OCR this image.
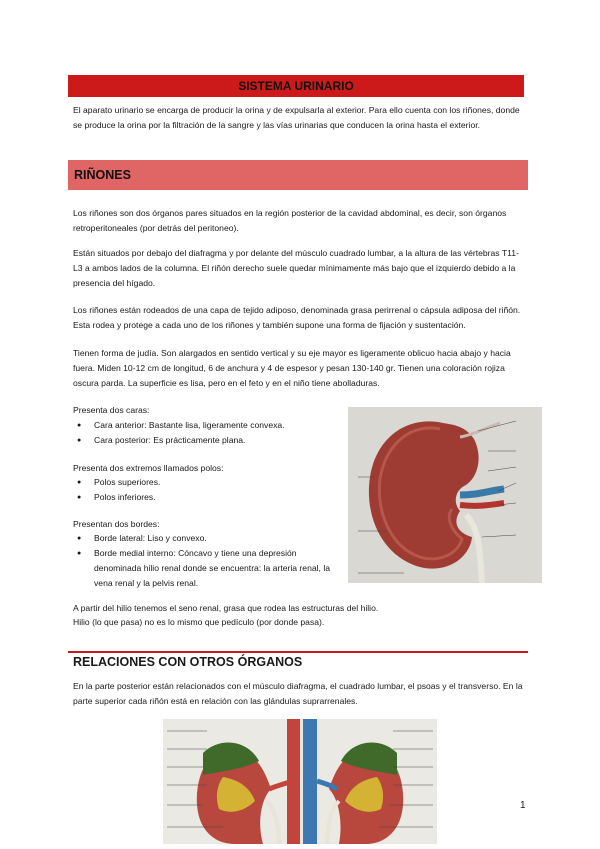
SISTEMA URINARIO

El aparato urinario se encarga de producir la orina y de expulsarla al exterior. Para ello cuenta con los riñones, donde se produce la orina por la filtración de la sangre y las vías urinarias que conducen la orina hasta el exterior.

RIÑONES

Los riñones son dos órganos pares situados en la región posterior de la cavidad abdominal, es decir, son órganos retroperitoneales (por detrás del peritoneo).

Están situados por debajo del diafragma y por delante del músculo cuadrado lumbar, a la altura de las vértebras T11- L3 a ambos lados de la columna. El riñón derecho suele quedar mínimamente más bajo que el izquierdo debido a la presencia del hígado.

Los riñones están rodeados de una capa de tejido adiposo, denominada grasa perirrenal o cápsula adiposa del riñón. Esta rodea y protege a cada uno de los riñones y también supone una forma de fijación y sustentación.

Tienen forma de judía. Son alargados en sentido vertical y su eje mayor es ligeramente oblicuo hacia abajo y hacia fuera. Miden 10-12 cm de longitud, 6 de anchura y 4 de espesor y pesan 130-140 gr. Tienen una coloración rojiza oscura parda. La superficie es lisa, pero en el feto y en el niño tiene abolladuras.

Presenta dos caras:

● Cara anterior: Bastante lisa, ligeramente convexa.
● Cara posterior: Es prácticamente plana.

Presenta dos extremos llamados polos:

● Polos superiores.
● Polos inferiores.

Presentan dos bordes:

● Borde lateral: Liso y convexo.
● Borde medial interno: Cóncavo y tiene una depresión denominada hilio renal donde se encuentra: la arteria renal, la vena renal y la pelvis renal.

A partir del hilio tenemos el seno renal, grasa que rodea las estructuras del hilio.

Hilio (lo que pasa) no es lo mismo que pedículo (por donde pasa).

RELACIONES CON OTROS ÓRGANOS

En la parte posterior están relacionados con el músculo diafragma, el cuadrado lumbar, el psoas y el transverso. En la parte superior cada riñón está en relación con las glándulas suprarrenales.

1
